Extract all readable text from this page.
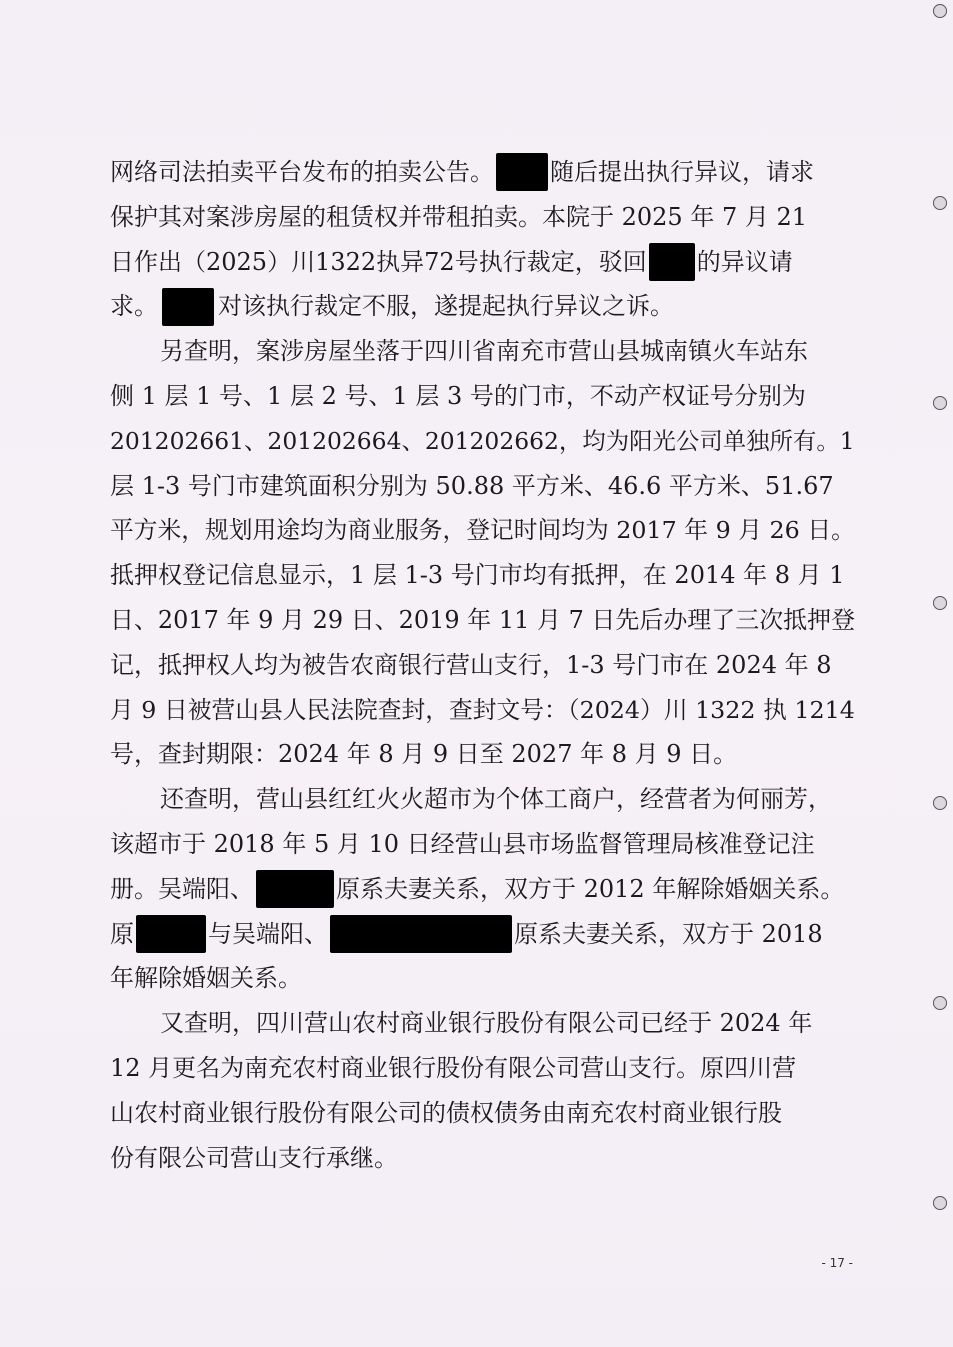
网络司法拍卖平台发布的拍卖公告。 随后提出执行异议，请求
保护其对案涉房屋的租赁权并带租拍卖。本院于 2025 年 7 月 21
日作出（2025）川1322执异72号执行裁定，驳回 的异议请
求。	对该执行裁定不服，遂提起执行异议之诉。
另查明，案涉房屋坐落于四川省南充市营山县城南镇火车站东
侧 1 层 1 号、1 层 2 号、1 层 3 号的门市，不动产权证号分别为
201202661、201202664、201202662，均为阳光公司单独所有。1
层 1-3 号门市建筑面积分别为 50.88 平方米、46.6 平方米、51.67
平方米，规划用途均为商业服务，登记时间均为 2017 年 9 月 26 日。
抵押权登记信息显示，1 层 1-3 号门市均有抵押，在 2014 年 8 月 1
日、2017 年 9 月 29 日、2019 年 11 月 7 日先后办理了三次抵押登
记，抵押权人均为被告农商银行营山支行，1-3 号门市在 2024 年 8
月 9 日被营山县人民法院查封，查封文号：（2024）川 1322 执 1214
号，查封期限：2024 年 8 月 9 日至 2027 年 8 月 9 日。
还查明，营山县红红火火超市为个体工商户，经营者为何丽芳，
该超市于 2018 年 5 月 10 日经营山县市场监督管理局核准登记注
册。吴端阳、	原系夫妻关系，双方于 2012 年解除婚姻关系。
原	与吴端阳、	原系夫妻关系，双方于 2018
年解除婚姻关系。
又查明，四川营山农村商业银行股份有限公司已经于 2024 年
12 月更名为南充农村商业银行股份有限公司营山支行。原四川营
山农村商业银行股份有限公司的债权债务由南充农村商业银行股
份有限公司营山支行承继。
- 17 -
